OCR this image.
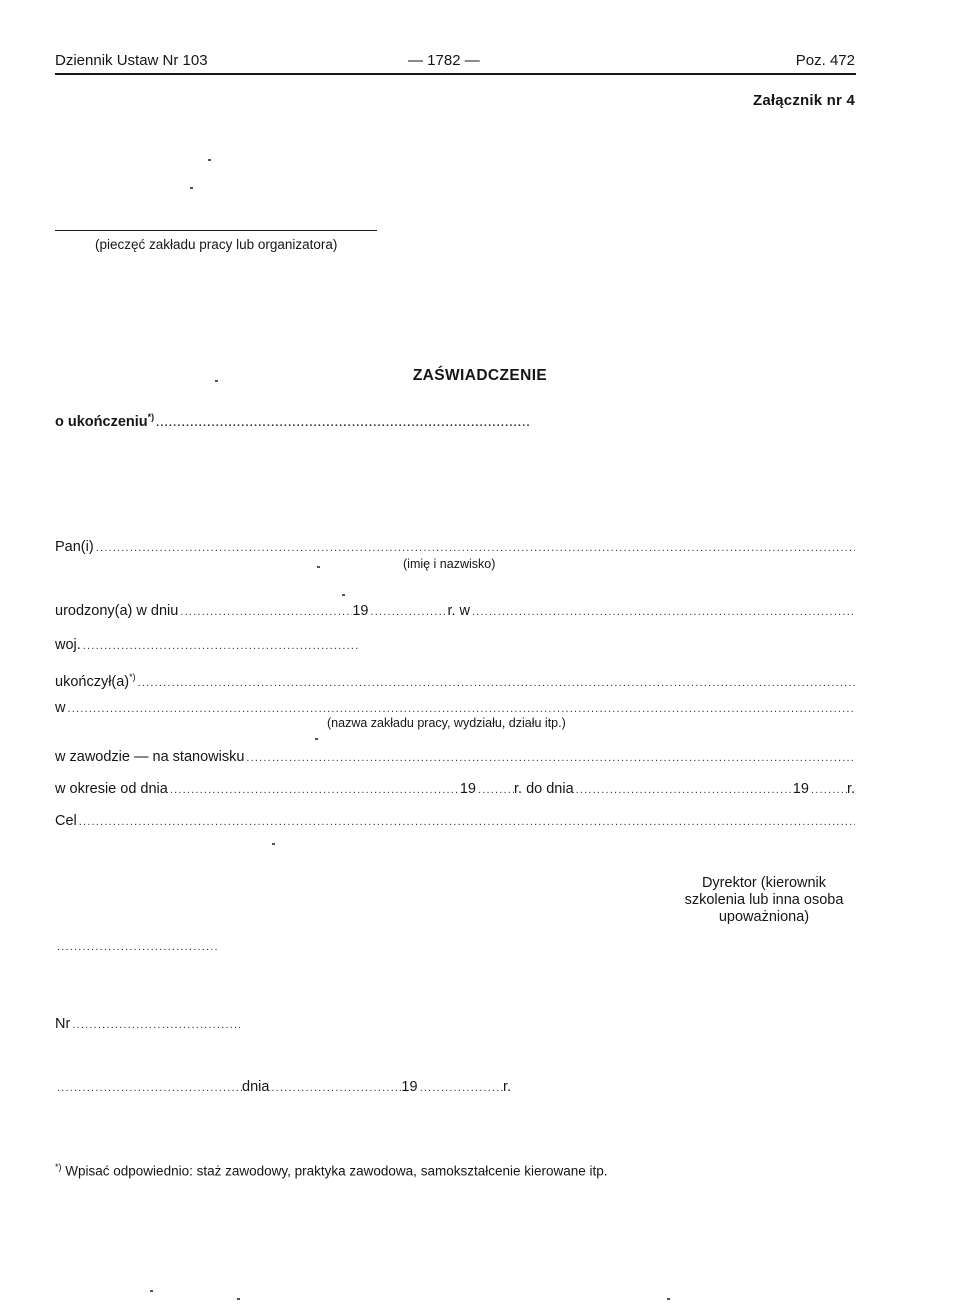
Dziennik Ustaw Nr 103	— 1782 —	Poz. 472
Załącznik nr 4
(pieczęć zakładu pracy lub organizatora)
ZAŚWIADCZENIE
o ukończeniu*)
.....
Pan(i)
.....
(imię i nazwisko)
urodzony(a) w dniu .....	19 .....	r. w
.....
woj.
.....
ukończył(a)*)
.....
w
.....
(nazwa zakładu pracy, wydziału, działu itp.)
w zawodzie — na stanowisku
.....
w okresie od dnia .....	19 .....	r. do dnia .....	19 .....	r.
Cel
.....
Dyrektor (kierownik
szkolenia lub inna osoba
upoważniona)
.....
Nr
.....
.....
dnia .....	19 .....	r.
*) Wpisać odpowiednio: staż zawodowy, praktyka zawodowa, samokształcenie kierowane itp.
